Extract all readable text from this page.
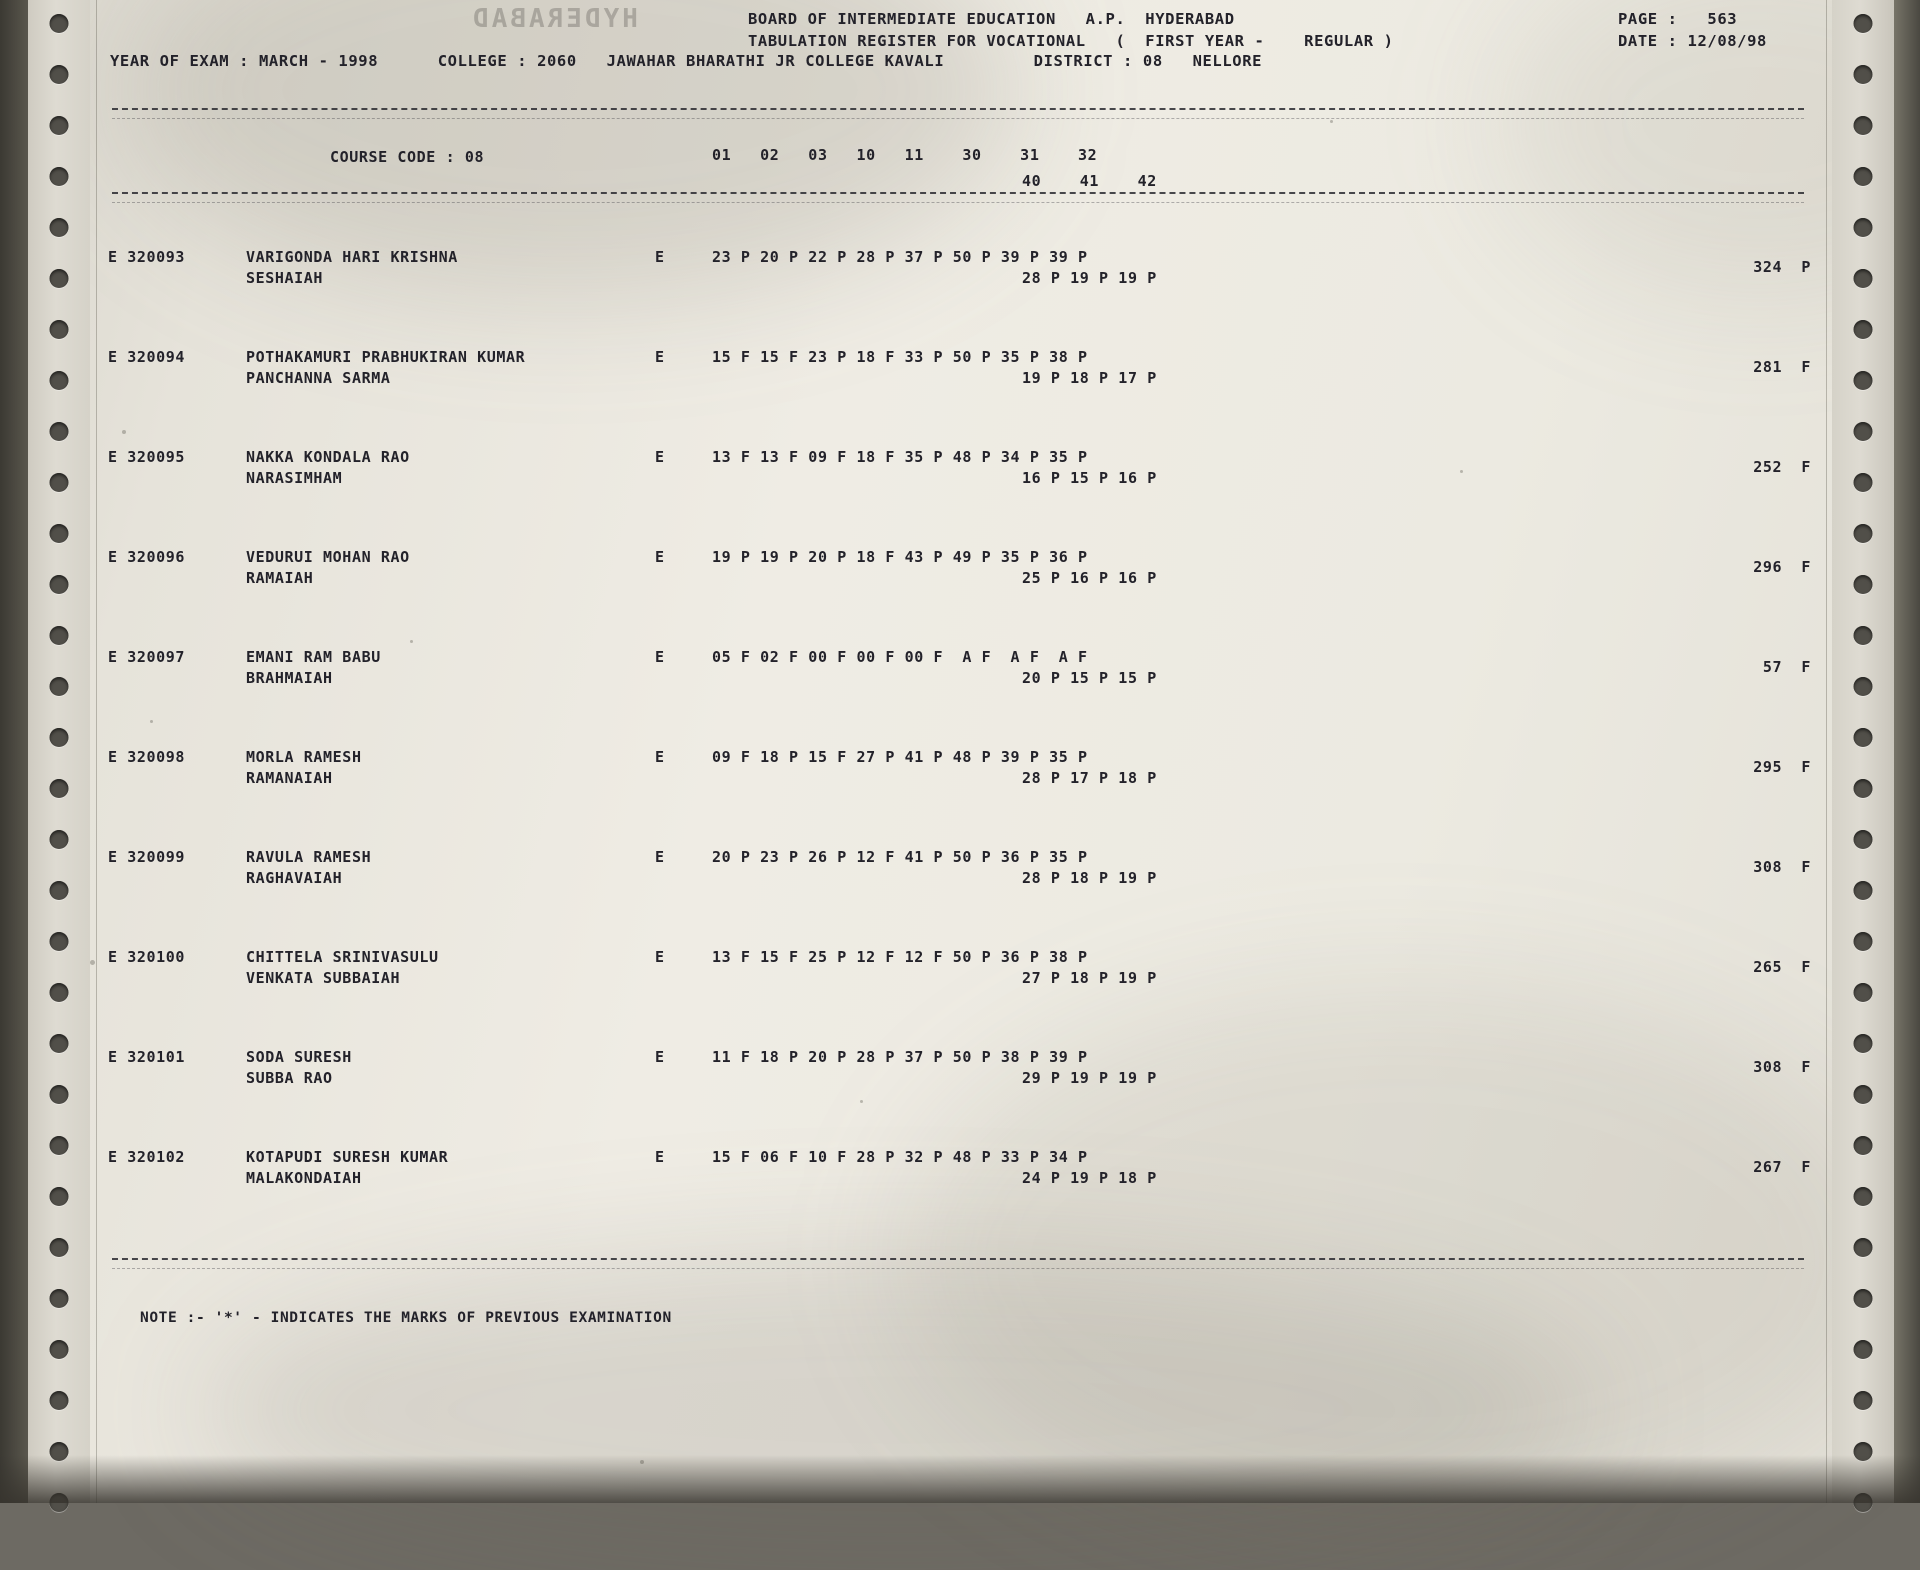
HYDERABAD	BOARD OF INTERMEDIATE EDUCATION   A.P.  HYDERABAD
TABULATION REGISTER FOR VOCATIONAL   (  FIRST YEAR -    REGULAR )
PAGE :   563
DATE : 12/08/98
YEAR OF EXAM : MARCH - 1998      COLLEGE : 2060   JAWAHAR BHARATHI JR COLLEGE KAVALI         DISTRICT : 08   NELLORE
COURSE CODE : 08	01   02   03   10   11    30    31    32
40    41    42
E 320093	VARIGONDA HARI KRISHNA
SESHAIAH
E	23 P 20 P 22 P 28 P 37 P 50 P 39 P 39 P
28 P 19 P 19 P
324  P
E 320094	POTHAKAMURI PRABHUKIRAN KUMAR
PANCHANNA SARMA
E	15 F 15 F 23 P 18 F 33 P 50 P 35 P 38 P
19 P 18 P 17 P
281  F
E 320095	NAKKA KONDALA RAO
NARASIMHAM
E	13 F 13 F 09 F 18 F 35 P 48 P 34 P 35 P
16 P 15 P 16 P
252  F
E 320096	VEDURUI MOHAN RAO
RAMAIAH
E	19 P 19 P 20 P 18 F 43 P 49 P 35 P 36 P
25 P 16 P 16 P
296  F
E 320097	EMANI RAM BABU
BRAHMAIAH
E	05 F 02 F 00 F 00 F 00 F  A F  A F  A F
20 P 15 P 15 P
57  F
E 320098	MORLA RAMESH
RAMANAIAH
E	09 F 18 P 15 F 27 P 41 P 48 P 39 P 35 P
28 P 17 P 18 P
295  F
E 320099	RAVULA RAMESH
RAGHAVAIAH
E	20 P 23 P 26 P 12 F 41 P 50 P 36 P 35 P
28 P 18 P 19 P
308  F
E 320100	CHITTELA SRINIVASULU
VENKATA SUBBAIAH
E	13 F 15 F 25 P 12 F 12 F 50 P 36 P 38 P
27 P 18 P 19 P
265  F
E 320101	SODA SURESH
SUBBA RAO
E	11 F 18 P 20 P 28 P 37 P 50 P 38 P 39 P
29 P 19 P 19 P
308  F
E 320102	KOTAPUDI SURESH KUMAR
MALAKONDAIAH
E	15 F 06 F 10 F 28 P 32 P 48 P 33 P 34 P
24 P 19 P 18 P
267  F
NOTE :- '*' - INDICATES THE MARKS OF PREVIOUS EXAMINATION
